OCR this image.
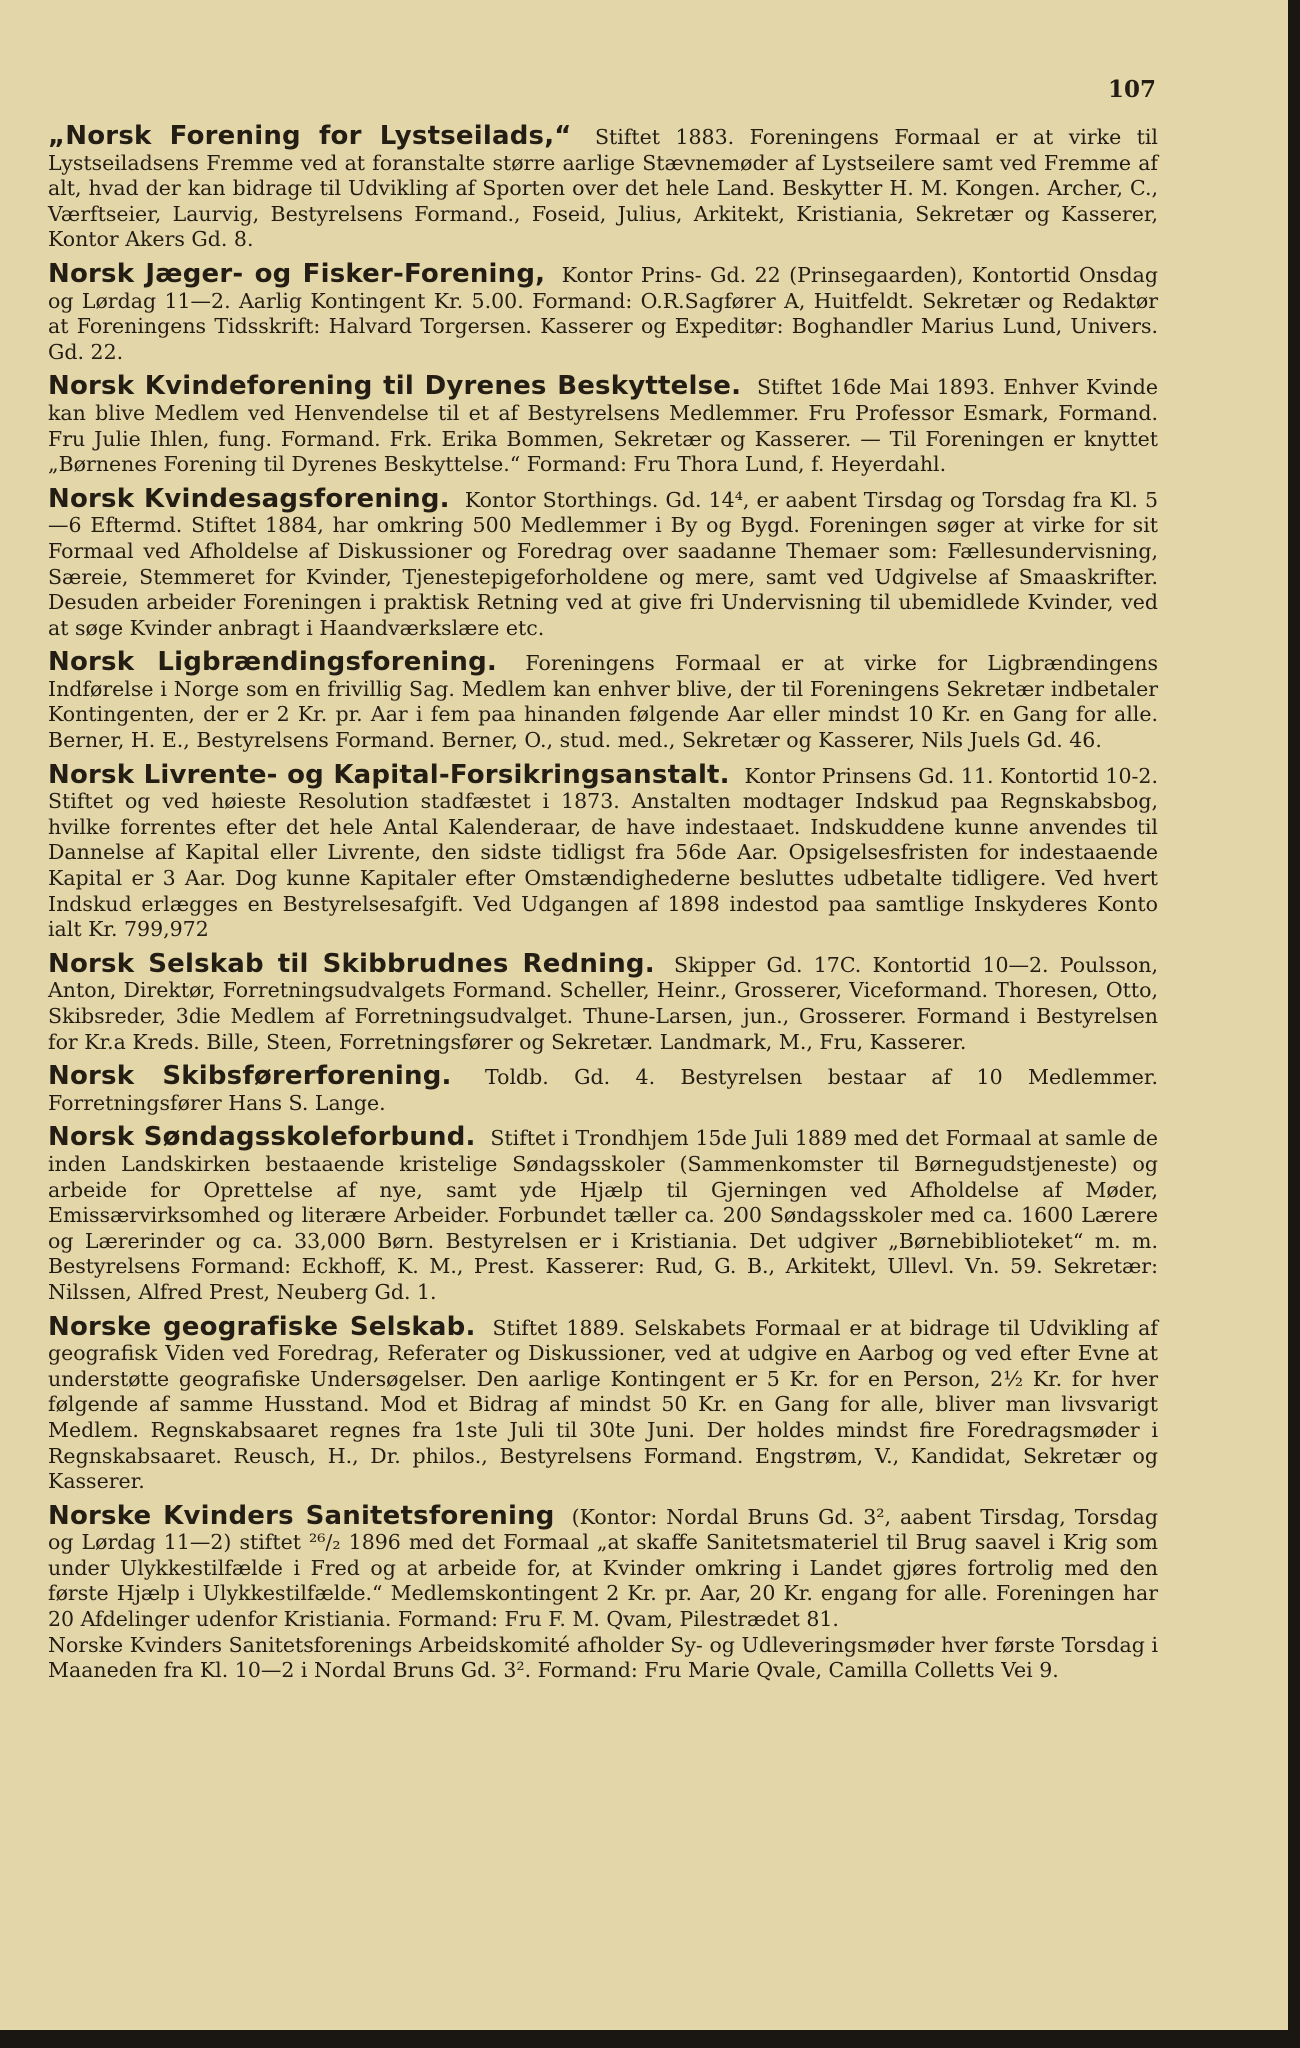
107
„Norsk Forening for Lystseilads,“ Stiftet 1883. Foreningens Formaal er at virke til Lystseiladsens Fremme ved at foranstalte større aarlige Stævnemøder af Lystseilere samt ved Fremme af alt, hvad der kan bidrage til Udvikling af Sporten over det hele Land. Beskytter H. M. Kongen. Archer, C., Værftseier, Laurvig, Bestyrelsens Formand., Foseid, Julius, Arkitekt, Kristiania, Sekretær og Kasserer, Kontor Akers Gd. 8.
Norsk Jæger- og Fisker-Forening, Kontor Prins- Gd. 22 (Prinsegaarden), Kontortid Onsdag og Lørdag 11—2. Aarlig Kontingent Kr. 5.00. Formand: O.R.Sagfører A, Huitfeldt. Sekretær og Redaktør at Foreningens Tidsskrift: Halvard Torgersen. Kasserer og Expeditør: Boghandler Marius Lund, Univers. Gd. 22.
Norsk Kvindeforening til Dyrenes Beskyttelse. Stiftet 16de Mai 1893. Enhver Kvinde kan blive Medlem ved Henvendelse til et af Bestyrelsens Medlemmer. Fru Professor Esmark, Formand. Fru Julie Ihlen, fung. Formand. Frk. Erika Bommen, Sekretær og Kasserer. — Til Foreningen er knyttet „Børnenes Forening til Dyrenes Beskyttelse.“ Formand: Fru Thora Lund, f. Heyerdahl.
Norsk Kvindesagsforening. Kontor Storthings. Gd. 14⁴, er aabent Tirsdag og Torsdag fra Kl. 5—6 Eftermd. Stiftet 1884, har omkring 500 Medlemmer i By og Bygd. Foreningen søger at virke for sit Formaal ved Afholdelse af Diskussioner og Foredrag over saadanne Themaer som: Fællesundervisning, Særeie, Stemmeret for Kvinder, Tjenestepigeforholdene og mere, samt ved Udgivelse af Smaaskrifter. Desuden arbeider Foreningen i praktisk Retning ved at give fri Undervisning til ubemidlede Kvinder, ved at søge Kvinder anbragt i Haandværkslære etc.
Norsk Ligbrændingsforening. Foreningens Formaal er at virke for Ligbrændingens Indførelse i Norge som en frivillig Sag. Medlem kan enhver blive, der til Foreningens Sekretær indbetaler Kontingenten, der er 2 Kr. pr. Aar i fem paa hinanden følgende Aar eller mindst 10 Kr. en Gang for alle. Berner, H. E., Bestyrelsens Formand. Berner, O., stud. med., Sekretær og Kasserer, Nils Juels Gd. 46.
Norsk Livrente- og Kapital-Forsikringsanstalt. Kontor Prinsens Gd. 11. Kontortid 10-2. Stiftet og ved høieste Resolution stadfæstet i 1873. Anstalten modtager Indskud paa Regnskabsbog, hvilke forrentes efter det hele Antal Kalenderaar, de have indestaaet. Indskuddene kunne anvendes til Dannelse af Kapital eller Livrente, den sidste tidligst fra 56de Aar. Opsigelsesfristen for indestaaende Kapital er 3 Aar. Dog kunne Kapitaler efter Omstændighederne besluttes udbetalte tidligere. Ved hvert Indskud erlægges en Bestyrelsesafgift. Ved Udgangen af 1898 indestod paa samtlige Inskyderes Konto ialt Kr. 799,972
Norsk Selskab til Skibbrudnes Redning. Skipper Gd. 17C. Kontortid 10—2. Poulsson, Anton, Direktør, Forretningsudvalgets Formand. Scheller, Heinr., Grosserer, Viceformand. Thoresen, Otto, Skibsreder, 3die Medlem af Forretningsudvalget. Thune-Larsen, jun., Grosserer. Formand i Bestyrelsen for Kr.a Kreds. Bille, Steen, Forretningsfører og Sekretær. Landmark, M., Fru, Kasserer.
Norsk Skibsførerforening. Toldb. Gd. 4. Bestyrelsen bestaar af 10 Medlemmer. Forretningsfører Hans S. Lange.
Norsk Søndagsskoleforbund. Stiftet i Trondhjem 15de Juli 1889 med det Formaal at samle de inden Landskirken bestaaende kristelige Søndagsskoler (Sammenkomster til Børnegudstjeneste) og arbeide for Oprettelse af nye, samt yde Hjælp til Gjerningen ved Afholdelse af Møder, Emissærvirksomhed og literære Arbeider. Forbundet tæller ca. 200 Søndagsskoler med ca. 1600 Lærere og Lærerinder og ca. 33,000 Børn. Bestyrelsen er i Kristiania. Det udgiver „Børnebiblioteket“ m. m. Bestyrelsens Formand: Eckhoff, K. M., Prest. Kasserer: Rud, G. B., Arkitekt, Ullevl. Vn. 59. Sekretær: Nilssen, Alfred Prest, Neuberg Gd. 1.
Norske geografiske Selskab. Stiftet 1889. Selskabets Formaal er at bidrage til Udvikling af geografisk Viden ved Foredrag, Referater og Diskussioner, ved at udgive en Aarbog og ved efter Evne at understøtte geografiske Undersøgelser. Den aarlige Kontingent er 5 Kr. for en Person, 2½ Kr. for hver følgende af samme Husstand. Mod et Bidrag af mindst 50 Kr. en Gang for alle, bliver man livsvarigt Medlem. Regnskabsaaret regnes fra 1ste Juli til 30te Juni. Der holdes mindst fire Foredragsmøder i Regnskabsaaret. Reusch, H., Dr. philos., Bestyrelsens Formand. Engstrøm, V., Kandidat, Sekretær og Kasserer.
Norske Kvinders Sanitetsforening (Kontor: Nordal Bruns Gd. 3², aabent Tirsdag, Torsdag og Lørdag 11—2) stiftet ²⁶/₂ 1896 med det Formaal „at skaffe Sanitetsmateriel til Brug saavel i Krig som under Ulykkestilfælde i Fred og at arbeide for, at Kvinder omkring i Landet gjøres fortrolig med den første Hjælp i Ulykkestilfælde.“ Medlemskontingent 2 Kr. pr. Aar, 20 Kr. engang for alle. Foreningen har 20 Afdelinger udenfor Kristiania. Formand: Fru F. M. Qvam, Pilestrædet 81.
Norske Kvinders Sanitetsforenings Arbeidskomité afholder Sy- og Udleveringsmøder hver første Torsdag i Maaneden fra Kl. 10—2 i Nordal Bruns Gd. 3². Formand: Fru Marie Qvale, Camilla Colletts Vei 9.
